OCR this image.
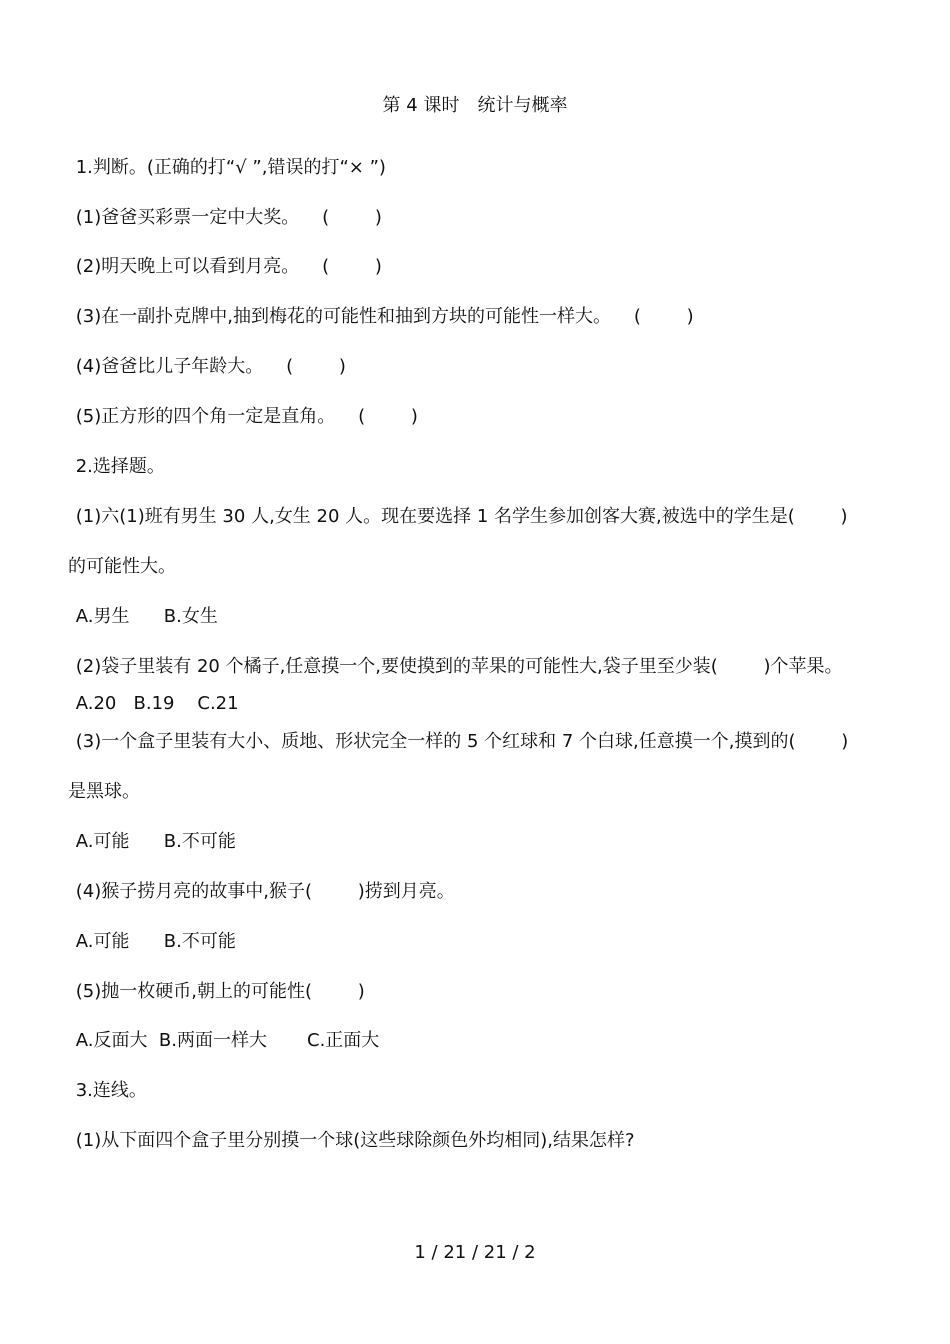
第 4 课时　统计与概率
1.判断。(正确的打“√ ”,错误的打“× ”)
(1)爸爸买彩票一定中大奖。    (        )
(2)明天晚上可以看到月亮。    (        )
(3)在一副扑克牌中,抽到梅花的可能性和抽到方块的可能性一样大。    (        )
(4)爸爸比儿子年龄大。    (        )
(5)正方形的四个角一定是直角。    (        )
2.选择题。
(1)六(1)班有男生 30 人,女生 20 人。现在要选择 1 名学生参加创客大赛,被选中的学生是(        )
的可能性大。
A.男生      B.女生
(2)袋子里装有 20 个橘子,任意摸一个,要使摸到的苹果的可能性大,袋子里至少装(        )个苹果。
A.20   B.19    C.21
(3)一个盒子里装有大小、质地、形状完全一样的 5 个红球和 7 个白球,任意摸一个,摸到的(        )
是黑球。
A.可能      B.不可能
(4)猴子捞月亮的故事中,猴子(        )捞到月亮。
A.可能      B.不可能
(5)抛一枚硬币,朝上的可能性(        )
A.反面大  B.两面一样大       C.正面大
3.连线。
(1)从下面四个盒子里分别摸一个球(这些球除颜色外均相同),结果怎样?
1 / 21 / 21 / 2
